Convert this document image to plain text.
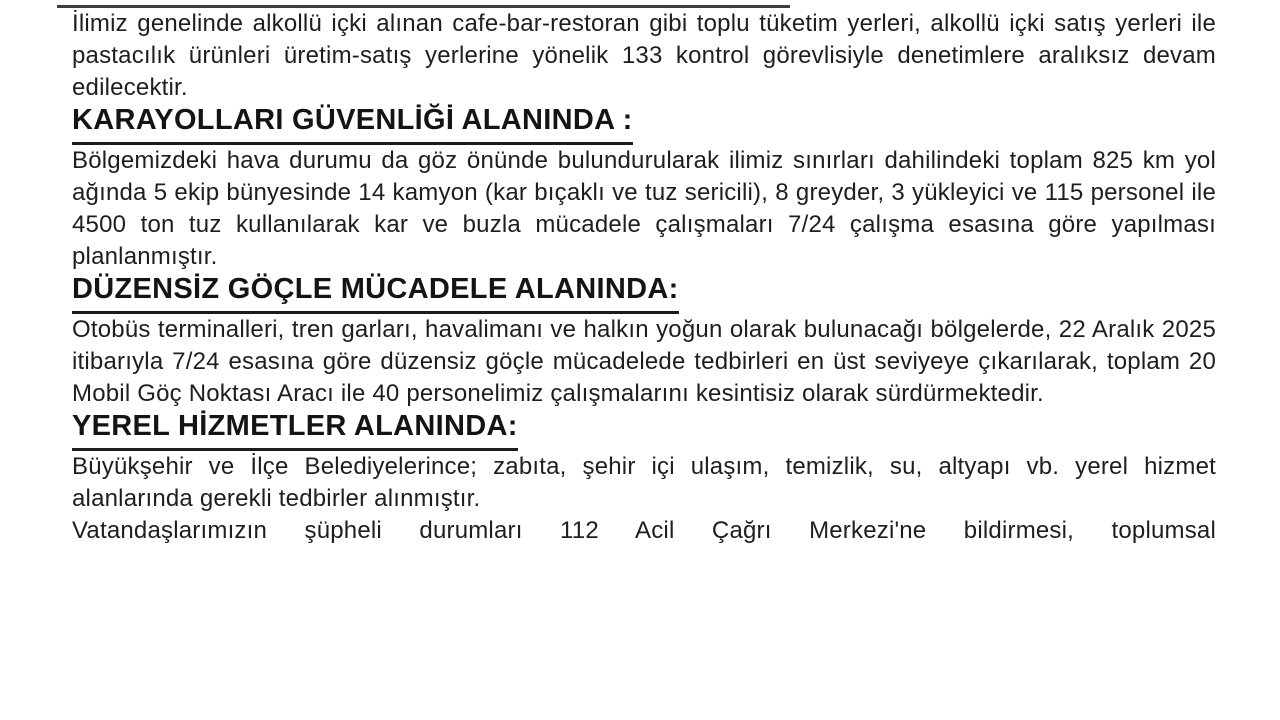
İlimiz genelinde alkollü içki alınan cafe-bar-restoran gibi toplu tüketim yerleri, alkollü içki satış yerleri ile pastacılık ürünleri üretim-satış yerlerine yönelik 133 kontrol görevlisiyle denetimlere aralıksız devam edilecektir.

KARAYOLLARI GÜVENLİĞİ ALANINDA :

Bölgemizdeki hava durumu da göz önünde bulundurularak ilimiz sınırları dahilindeki toplam 825 km yol ağında 5 ekip bünyesinde 14 kamyon (kar bıçaklı ve tuz sericili), 8 greyder, 3 yükleyici ve 115 personel ile 4500 ton tuz kullanılarak kar ve buzla mücadele çalışmaları 7/24 çalışma esasına göre yapılması planlanmıştır.

DÜZENSİZ GÖÇLE MÜCADELE ALANINDA:

Otobüs terminalleri, tren garları, havalimanı ve halkın yoğun olarak bulunacağı bölgelerde, 22 Aralık 2025 itibarıyla 7/24 esasına göre düzensiz göçle mücadelede tedbirleri en üst seviyeye çıkarılarak, toplam 20 Mobil Göç Noktası Aracı ile 40 personelimiz çalışmalarını kesintisiz olarak sürdürmektedir.

YEREL HİZMETLER ALANINDA:

Büyükşehir ve İlçe Belediyelerince; zabıta, şehir içi ulaşım, temizlik, su, altyapı vb. yerel hizmet alanlarında gerekli tedbirler alınmıştır.

Vatandaşlarımızın şüpheli durumları 112 Acil Çağrı Merkezi'ne bildirmesi, toplumsal
